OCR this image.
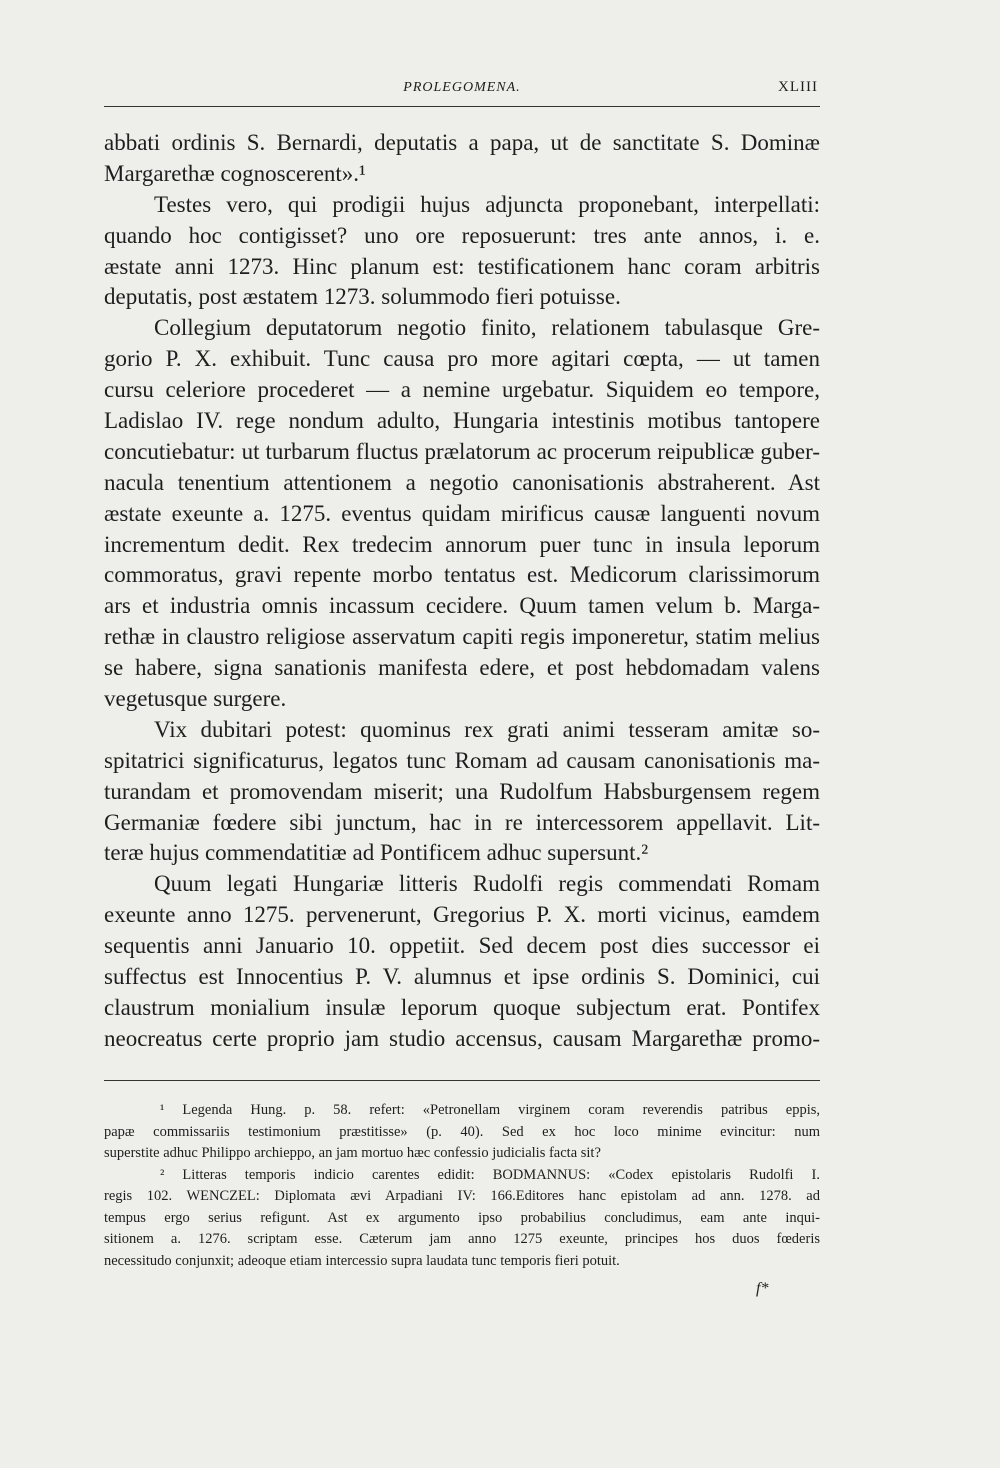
PROLEGOMENA.	XLIII
abbati ordinis S. Bernardi, deputatis a papa, ut de sanctitate S. Dominæ
Margarethæ cognoscerent».¹
Testes vero, qui prodigii hujus adjuncta proponebant, interpellati:
quando hoc contigisset? uno ore reposuerunt: tres ante annos, i. e.
æstate anni 1273. Hinc planum est: testificationem hanc coram arbitris
deputatis, post æstatem 1273. solummodo fieri potuisse.
Collegium deputatorum negotio finito, relationem tabulasque Gre-
gorio P. X. exhibuit. Tunc causa pro more agitari cœpta, — ut tamen
cursu celeriore procederet — a nemine urgebatur. Siquidem eo tempore,
Ladislao IV. rege nondum adulto, Hungaria intestinis motibus tantopere
concutiebatur: ut turbarum fluctus prælatorum ac procerum reipublicæ guber-
nacula tenentium attentionem a negotio canonisationis abstraherent. Ast
æstate exeunte a. 1275. eventus quidam mirificus causæ languenti novum
incrementum dedit. Rex tredecim annorum puer tunc in insula leporum
commoratus, gravi repente morbo tentatus est. Medicorum clarissimorum
ars et industria omnis incassum cecidere. Quum tamen velum b. Marga-
rethæ in claustro religiose asservatum capiti regis imponeretur, statim melius
se habere, signa sanationis manifesta edere, et post hebdomadam valens
vegetusque surgere.
Vix dubitari potest: quominus rex grati animi tesseram amitæ so-
spitatrici significaturus, legatos tunc Romam ad causam canonisationis ma-
turandam et promovendam miserit; una Rudolfum Habsburgensem regem
Germaniæ fœdere sibi junctum, hac in re intercessorem appellavit. Lit-
teræ hujus commendatitiæ ad Pontificem adhuc supersunt.²
Quum legati Hungariæ litteris Rudolfi regis commendati Romam
exeunte anno 1275. pervenerunt, Gregorius P. X. morti vicinus, eamdem
sequentis anni Januario 10. oppetiit. Sed decem post dies successor ei
suffectus est Innocentius P. V. alumnus et ipse ordinis S. Dominici, cui
claustrum monialium insulæ leporum quoque subjectum erat. Pontifex
neocreatus certe proprio jam studio accensus, causam Margarethæ promo-
¹ Legenda Hung. p. 58. refert: «Petronellam virginem coram reverendis patribus eppis,
papæ commissariis testimonium præstitisse» (p. 40). Sed ex hoc loco minime evincitur: num
superstite adhuc Philippo archieppo, an jam mortuo hæc confessio judicialis facta sit?
² Litteras temporis indicio carentes edidit: BODMANNUS: «Codex epistolaris Rudolfi I.
regis 102. WENCZEL: Diplomata ævi Arpadiani IV: 166.Editores hanc epistolam ad ann. 1278. ad
tempus ergo serius refigunt. Ast ex argumento ipso probabilius concludimus, eam ante inqui-
sitionem a. 1276. scriptam esse. Cæterum jam anno 1275 exeunte, principes hos duos fœderis
necessitudo conjunxit; adeoque etiam intercessio supra laudata tunc temporis fieri potuit.
f*
